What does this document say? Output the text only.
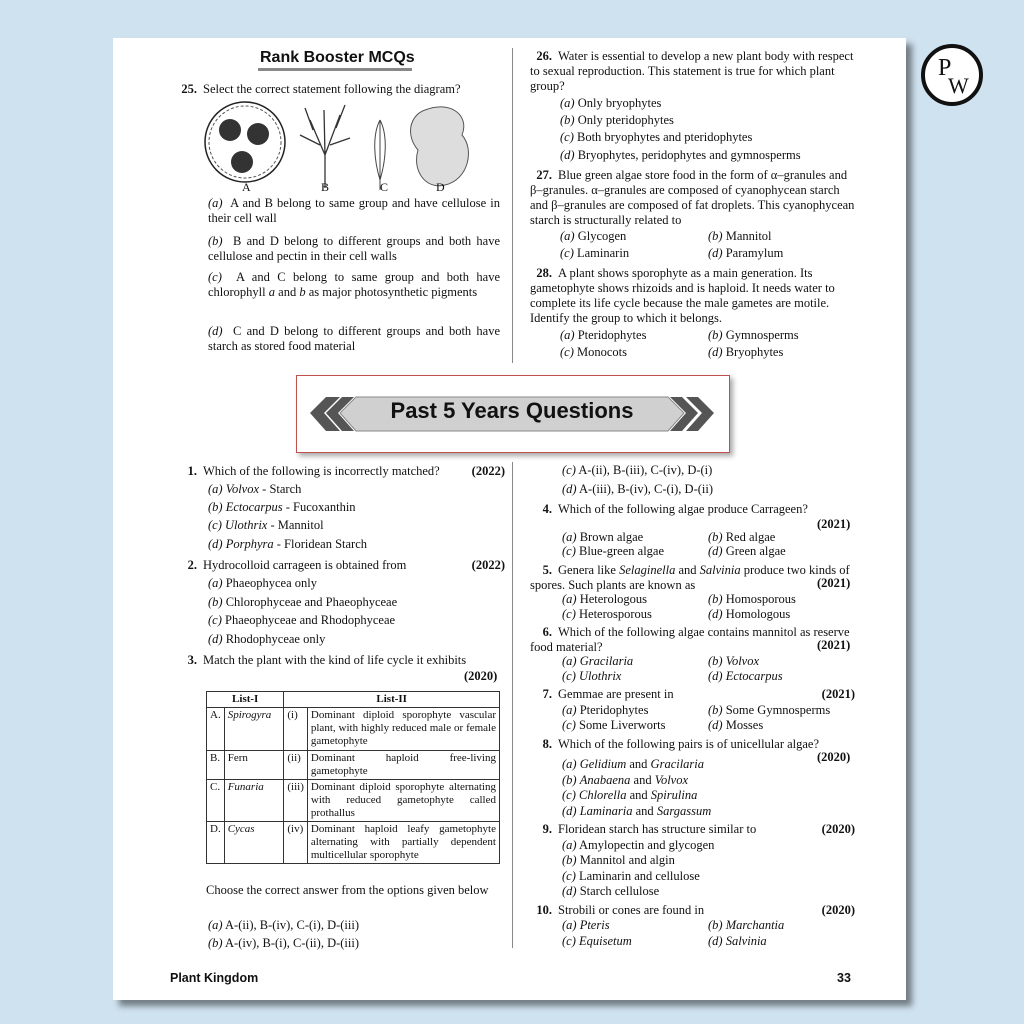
P
W
Rank Booster MCQs
25. Select the correct statement following the diagram?
A	B	C	D
(a) A and B belong to same group and have cellulose in their cell wall
(b) B and D belong to different groups and both have cellulose and pectin in their cell walls
(c) A and C belong to same group and both have chlorophyll a and b as major photosynthetic pigments
(d) C and D belong to different groups and both have starch as stored food material
26. Water is essential to develop a new plant body with respect to sexual reproduction. This statement is true for which plant group?
(a) Only bryophytes
(b) Only pteridophytes
(c) Both bryophytes and pteridophytes
(d) Bryophytes, peridophytes and gymnosperms
27. Blue green algae store food in the form of α–granules and β–granules. α–granules are composed of cyanophycean starch and β–granules are composed of fat droplets. This cyanophycean starch is structurally related to
(a) Glycogen	(b) Mannitol
(c) Laminarin	(d) Paramylum
28. A plant shows sporophyte as a main generation. Its gametophyte shows rhizoids and is haploid. It needs water to complete its life cycle because the male gametes are motile. Identify the group to which it belongs.
(a) Pteridophytes	(b) Gymnosperms
(c) Monocots	(d) Bryophytes
Past 5 Years Questions
1. Which of the following is incorrectly matched?	(2022)
(a) Volvox - Starch
(b) Ectocarpus - Fucoxanthin
(c) Ulothrix - Mannitol
(d) Porphyra - Floridean Starch
2. Hydrocolloid carrageen is obtained from	(2022)
(a) Phaeophycea only
(b) Chlorophyceae and Phaeophyceae
(c) Phaeophyceae and Rhodophyceae
(d) Rhodophyceae only
3. Match the plant with the kind of life cycle it exhibits
(2020)
List-I		List-II	
A.	Spirogyra	(i)	Dominant diploid sporophyte vascular plant, with highly reduced male or female gametophyte
B.	Fern	(ii)	Dominant haploid free-living gametophyte
C.	Funaria	(iii)	Dominant diploid sporophyte alternating with reduced gametophyte called prothallus
D.	Cycas	(iv)	Dominant haploid leafy gametophyte alternating with partially dependent multicellular sporophyte
Choose the correct answer from the options given below
(a) A-(ii), B-(iv), C-(i), D-(iii)
(b) A-(iv), B-(i), C-(ii), D-(iii)
(c) A-(ii), B-(iii), C-(iv), D-(i)
(d) A-(iii), B-(iv), C-(i), D-(ii)
4. Which of the following algae produce Carrageen?
(2021)
(a) Brown algae	(b) Red algae
(c) Blue-green algae	(d) Green algae
5. Genera like Selaginella and Salvinia produce two kinds of spores. Such plants are known as	(2021)
(a) Heterologous	(b) Homosporous
(c) Heterosporous	(d) Homologous
6. Which of the following algae contains mannitol as reserve food material?	(2021)
(a) Gracilaria	(b) Volvox
(c) Ulothrix	(d) Ectocarpus
7. Gemmae are present in	(2021)
(a) Pteridophytes	(b) Some Gymnosperms
(c) Some Liverworts	(d) Mosses
8. Which of the following pairs is of unicellular algae?
(2020)
(a) Gelidium and Gracilaria
(b) Anabaena and Volvox
(c) Chlorella and Spirulina
(d) Laminaria and Sargassum
9. Floridean starch has structure similar to	(2020)
(a) Amylopectin and glycogen
(b) Mannitol and algin
(c) Laminarin and cellulose
(d) Starch cellulose
10. Strobili or cones are found in	(2020)
(a) Pteris	(b) Marchantia
(c) Equisetum	(d) Salvinia
Plant Kingdom	33
